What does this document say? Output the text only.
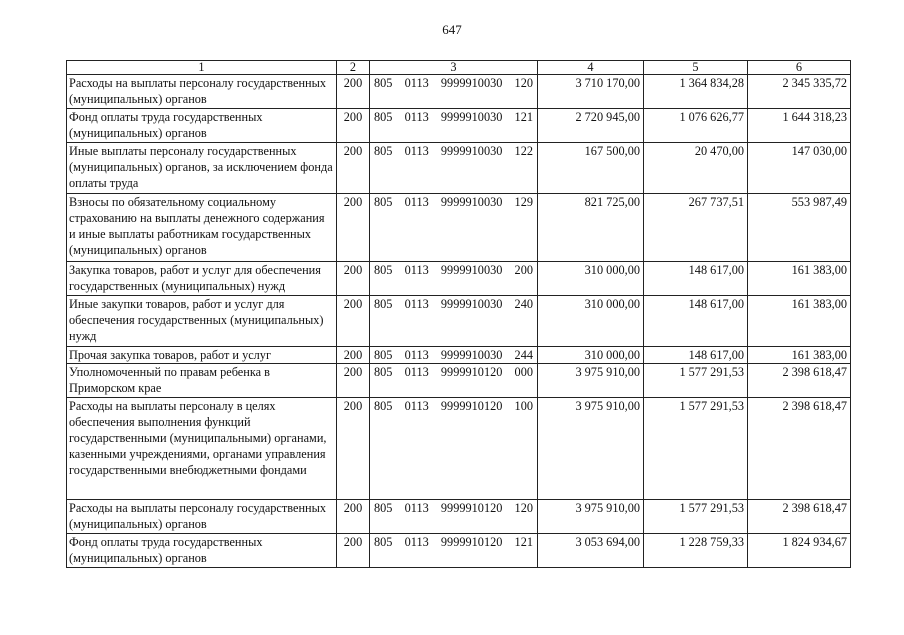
647
1	2	3	4	5	6
Расходы на выплаты персоналу государственных (муниципальных) органов	200	805 0113 9999910030 120	3 710 170,00	1 364 834,28	2 345 335,72
Фонд оплаты труда государственных (муниципальных) органов	200	805 0113 9999910030 121	2 720 945,00	1 076 626,77	1 644 318,23
Иные выплаты персоналу государственных (муниципальных) органов, за исключением фонда оплаты труда	200	805 0113 9999910030 122	167 500,00	20 470,00	147 030,00
Взносы по обязательному социальному страхованию на выплаты денежного содержания и иные выплаты работникам государственных (муниципальных) органов	200	805 0113 9999910030 129	821 725,00	267 737,51	553 987,49
Закупка товаров, работ и услуг для обеспечения государственных (муниципальных) нужд	200	805 0113 9999910030 200	310 000,00	148 617,00	161 383,00
Иные закупки товаров, работ и услуг для обеспечения государственных (муниципальных) нужд	200	805 0113 9999910030 240	310 000,00	148 617,00	161 383,00
Прочая закупка товаров, работ и услуг	200	805 0113 9999910030 244	310 000,00	148 617,00	161 383,00
Уполномоченный по правам ребенка в Приморском крае	200	805 0113 9999910120 000	3 975 910,00	1 577 291,53	2 398 618,47
Расходы на выплаты персоналу в целях обеспечения выполнения функций государственными (муниципальными) органами, казенными учреждениями, органами управления государственными внебюджетными фондами	200	805 0113 9999910120 100	3 975 910,00	1 577 291,53	2 398 618,47
Расходы на выплаты персоналу государственных (муниципальных) органов	200	805 0113 9999910120 120	3 975 910,00	1 577 291,53	2 398 618,47
Фонд оплаты труда государственных (муниципальных) органов	200	805 0113 9999910120 121	3 053 694,00	1 228 759,33	1 824 934,67
